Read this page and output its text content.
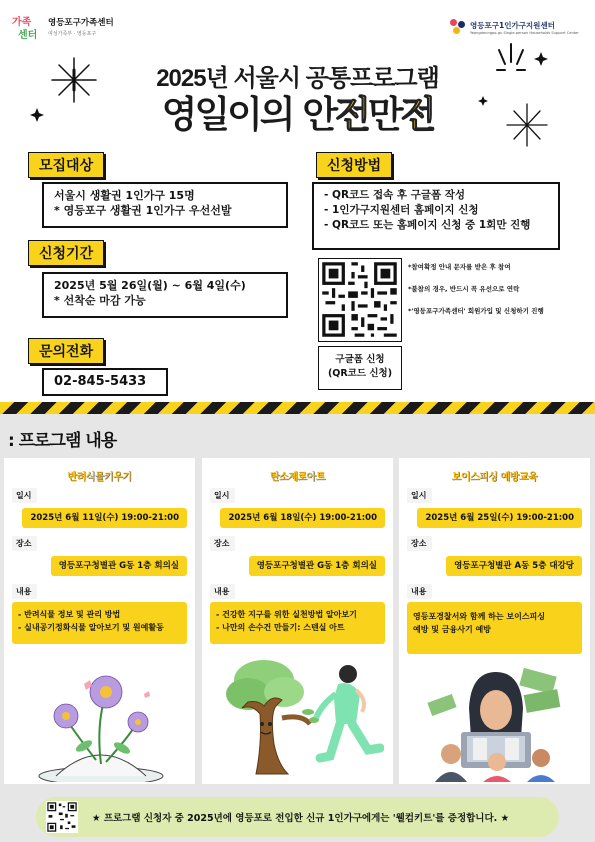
가족
센터
영등포구가족센터
여성가족부 · 영등포구
영등포구1인가구지원센터
Yeongdeungpo-gu Single-person Households Support Center
2025년 서울시 공통프로그램
영일이의 안전만전
모집대상
서울시 생활권 1인가구 15명
* 영등포구 생활권 1인가구 우선선발
신청기간
2025년 5월 26일(월) ~ 6월 4일(수)
* 선착순 마감 가능
문의전화
02-845-5433
신청방법
- QR코드 접속 후 구글폼 작성
- 1인가구지원센터 홈페이지 신청
- QR코드 또는 홈페이지 신청 중 1회만 진행
구글폼 신청
(QR코드 신청)
*참여확정 안내 문자를 받은 후 참여
*불참의 경우, 반드시 꼭 유선으로 연락
*'영등포구가족센터' 회원가입 및 신청하기 진행
: 프로그램 내용
반려식물키우기
일시
2025년 6월 11일(수) 19:00-21:00
장소
영등포구청별관 G동 1층 회의실
내용
- 반려식물 정보 및 관리 방법
- 실내공기정화식물 알아보기 및 원예활동
탄소제로아트
일시
2025년 6월 18일(수) 19:00-21:00
장소
영등포구청별관 G동 1층 회의실
내용
- 건강한 지구를 위한 실천방법 알아보기
- 나만의 손수건 만들기: 스텐실 아트
보이스피싱 예방교육
일시
2025년 6월 25일(수) 19:00-21:00
장소
영등포구청별관 A동 5층 대강당
내용
영등포경찰서와 함께 하는 보이스피싱
예방 및 금융사기 예방
★ 프로그램 신청자 중 2025년에 영등포로 전입한 신규 1인가구에게는 '웰컴키트'를 증정합니다. ★
